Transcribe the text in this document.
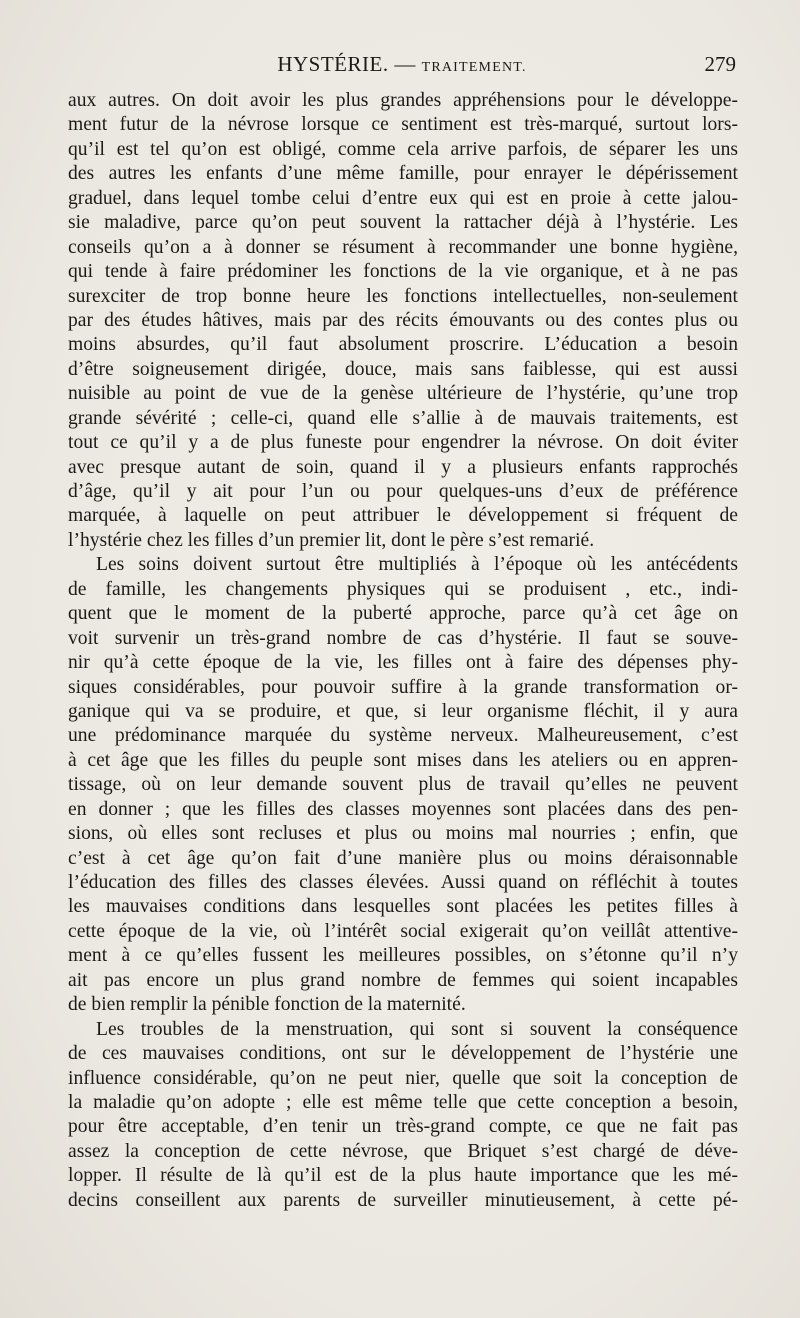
HYSTÉRIE. — TRAITEMENT.	279
aux autres. On doit avoir les plus grandes appréhensions pour le développe-
ment futur de la névrose lorsque ce sentiment est très-marqué, surtout lors-
qu’il est tel qu’on est obligé, comme cela arrive parfois, de séparer les uns
des autres les enfants d’une même famille, pour enrayer le dépérissement
graduel, dans lequel tombe celui d’entre eux qui est en proie à cette jalou-
sie maladive, parce qu’on peut souvent la rattacher déjà à l’hystérie. Les
conseils qu’on a à donner se résument à recommander une bonne hygiène,
qui tende à faire prédominer les fonctions de la vie organique, et à ne pas
surexciter de trop bonne heure les fonctions intellectuelles, non-seulement
par des études hâtives, mais par des récits émouvants ou des contes plus ou
moins absurdes, qu’il faut absolument proscrire. L’éducation a besoin
d’être soigneusement dirigée, douce, mais sans faiblesse, qui est aussi
nuisible au point de vue de la genèse ultérieure de l’hystérie, qu’une trop
grande sévérité ; celle-ci, quand elle s’allie à de mauvais traitements, est
tout ce qu’il y a de plus funeste pour engendrer la névrose. On doit éviter
avec presque autant de soin, quand il y a plusieurs enfants rapprochés
d’âge, qu’il y ait pour l’un ou pour quelques-uns d’eux de préférence
marquée, à laquelle on peut attribuer le développement si fréquent de
l’hystérie chez les filles d’un premier lit, dont le père s’est remarié.
Les soins doivent surtout être multipliés à l’époque où les antécédents
de famille, les changements physiques qui se produisent , etc., indi-
quent que le moment de la puberté approche, parce qu’à cet âge on
voit survenir un très-grand nombre de cas d’hystérie. Il faut se souve-
nir qu’à cette époque de la vie, les filles ont à faire des dépenses phy-
siques considérables, pour pouvoir suffire à la grande transformation or-
ganique qui va se produire, et que, si leur organisme fléchit, il y aura
une prédominance marquée du système nerveux. Malheureusement, c’est
à cet âge que les filles du peuple sont mises dans les ateliers ou en appren-
tissage, où on leur demande souvent plus de travail qu’elles ne peuvent
en donner ; que les filles des classes moyennes sont placées dans des pen-
sions, où elles sont recluses et plus ou moins mal nourries ; enfin, que
c’est à cet âge qu’on fait d’une manière plus ou moins déraisonnable
l’éducation des filles des classes élevées. Aussi quand on réfléchit à toutes
les mauvaises conditions dans lesquelles sont placées les petites filles à
cette époque de la vie, où l’intérêt social exigerait qu’on veillât attentive-
ment à ce qu’elles fussent les meilleures possibles, on s’étonne qu’il n’y
ait pas encore un plus grand nombre de femmes qui soient incapables
de bien remplir la pénible fonction de la maternité.
Les troubles de la menstruation, qui sont si souvent la conséquence
de ces mauvaises conditions, ont sur le développement de l’hystérie une
influence considérable, qu’on ne peut nier, quelle que soit la conception de
la maladie qu’on adopte ; elle est même telle que cette conception a besoin,
pour être acceptable, d’en tenir un très-grand compte, ce que ne fait pas
assez la conception de cette névrose, que Briquet s’est chargé de déve-
lopper. Il résulte de là qu’il est de la plus haute importance que les mé-
decins conseillent aux parents de surveiller minutieusement, à cette pé-
